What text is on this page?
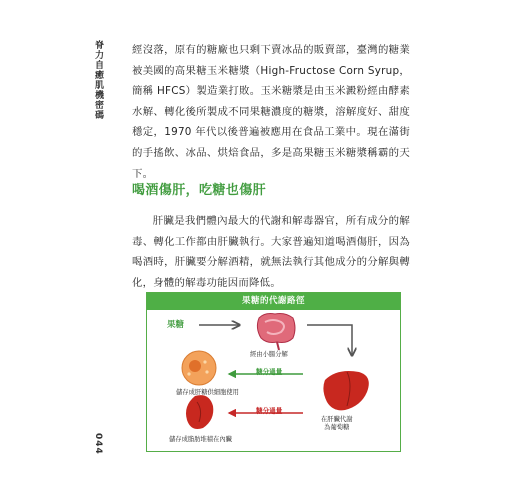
脊力自癒肌機密碼
044

經沒落，原有的糖廠也只剩下賣冰品的販賣部，臺灣的糖業被美國的高果糖玉米糖漿（High-Fructose Corn Syrup，簡稱 HFCS）製造業打敗。玉米糖漿是由玉米澱粉經由酵素水解、轉化後所製成不同果糖濃度的糖漿，溶解度好、甜度穩定，1970 年代以後普遍被應用在食品工業中。現在滿街的手搖飲、冰品、烘焙食品，多是高果糖玉米糖漿稱霸的天下。

喝酒傷肝，吃糖也傷肝

肝臟是我們體內最大的代謝和解毒器官，所有成分的解毒、轉化工作都由肝臟執行。大家普遍知道喝酒傷肝，因為喝酒時，肝臟要分解酒精，就無法執行其他成分的分解與轉化，身體的解毒功能因而降低。

果糖的代謝路徑
果糖
經由小腸分解
糖分過量
儲存成肝糖供細胞使用
糖分過量
在肝臟代謝
為葡萄糖
儲存成脂肪堆積在內臟
